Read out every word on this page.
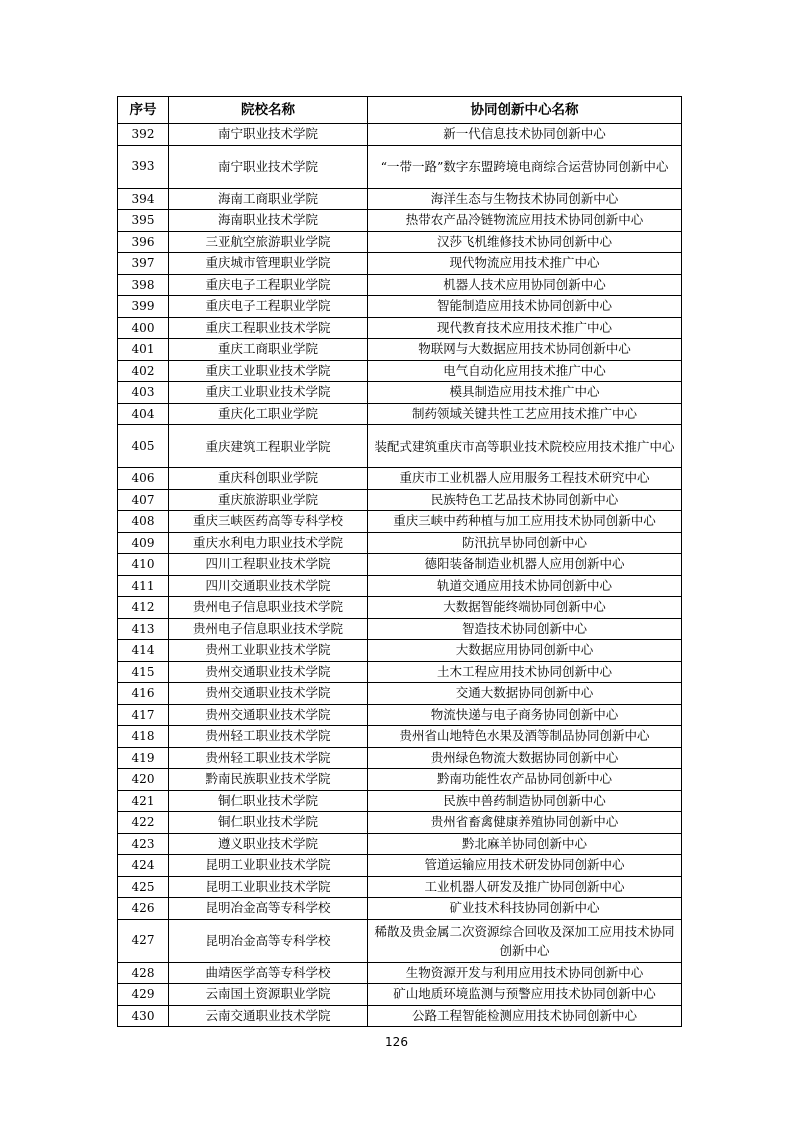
序号	院校名称	协同创新中心名称
392	南宁职业技术学院	新一代信息技术协同创新中心
393	南宁职业技术学院	“一带一路”数字东盟跨境电商综合运营协同创新中心
394	海南工商职业学院	海洋生态与生物技术协同创新中心
395	海南职业技术学院	热带农产品冷链物流应用技术协同创新中心
396	三亚航空旅游职业学院	汉莎飞机维修技术协同创新中心
397	重庆城市管理职业学院	现代物流应用技术推广中心
398	重庆电子工程职业学院	机器人技术应用协同创新中心
399	重庆电子工程职业学院	智能制造应用技术协同创新中心
400	重庆工程职业技术学院	现代教育技术应用技术推广中心
401	重庆工商职业学院	物联网与大数据应用技术协同创新中心
402	重庆工业职业技术学院	电气自动化应用技术推广中心
403	重庆工业职业技术学院	模具制造应用技术推广中心
404	重庆化工职业学院	制药领域关键共性工艺应用技术推广中心
405	重庆建筑工程职业学院	装配式建筑重庆市高等职业技术院校应用技术推广中心
406	重庆科创职业学院	重庆市工业机器人应用服务工程技术研究中心
407	重庆旅游职业学院	民族特色工艺品技术协同创新中心
408	重庆三峡医药高等专科学校	重庆三峡中药种植与加工应用技术协同创新中心
409	重庆水利电力职业技术学院	防汛抗旱协同创新中心
410	四川工程职业技术学院	德阳装备制造业机器人应用创新中心
411	四川交通职业技术学院	轨道交通应用技术协同创新中心
412	贵州电子信息职业技术学院	大数据智能终端协同创新中心
413	贵州电子信息职业技术学院	智造技术协同创新中心
414	贵州工业职业技术学院	大数据应用协同创新中心
415	贵州交通职业技术学院	土木工程应用技术协同创新中心
416	贵州交通职业技术学院	交通大数据协同创新中心
417	贵州交通职业技术学院	物流快递与电子商务协同创新中心
418	贵州轻工职业技术学院	贵州省山地特色水果及酒等制品协同创新中心
419	贵州轻工职业技术学院	贵州绿色物流大数据协同创新中心
420	黔南民族职业技术学院	黔南功能性农产品协同创新中心
421	铜仁职业技术学院	民族中兽药制造协同创新中心
422	铜仁职业技术学院	贵州省畜禽健康养殖协同创新中心
423	遵义职业技术学院	黔北麻羊协同创新中心
424	昆明工业职业技术学院	管道运输应用技术研发协同创新中心
425	昆明工业职业技术学院	工业机器人研发及推广协同创新中心
426	昆明冶金高等专科学校	矿业技术科技协同创新中心
427	昆明冶金高等专科学校	稀散及贵金属二次资源综合回收及深加工应用技术协同创新中心
428	曲靖医学高等专科学校	生物资源开发与利用应用技术协同创新中心
429	云南国土资源职业学院	矿山地质环境监测与预警应用技术协同创新中心
430	云南交通职业技术学院	公路工程智能检测应用技术协同创新中心
126
